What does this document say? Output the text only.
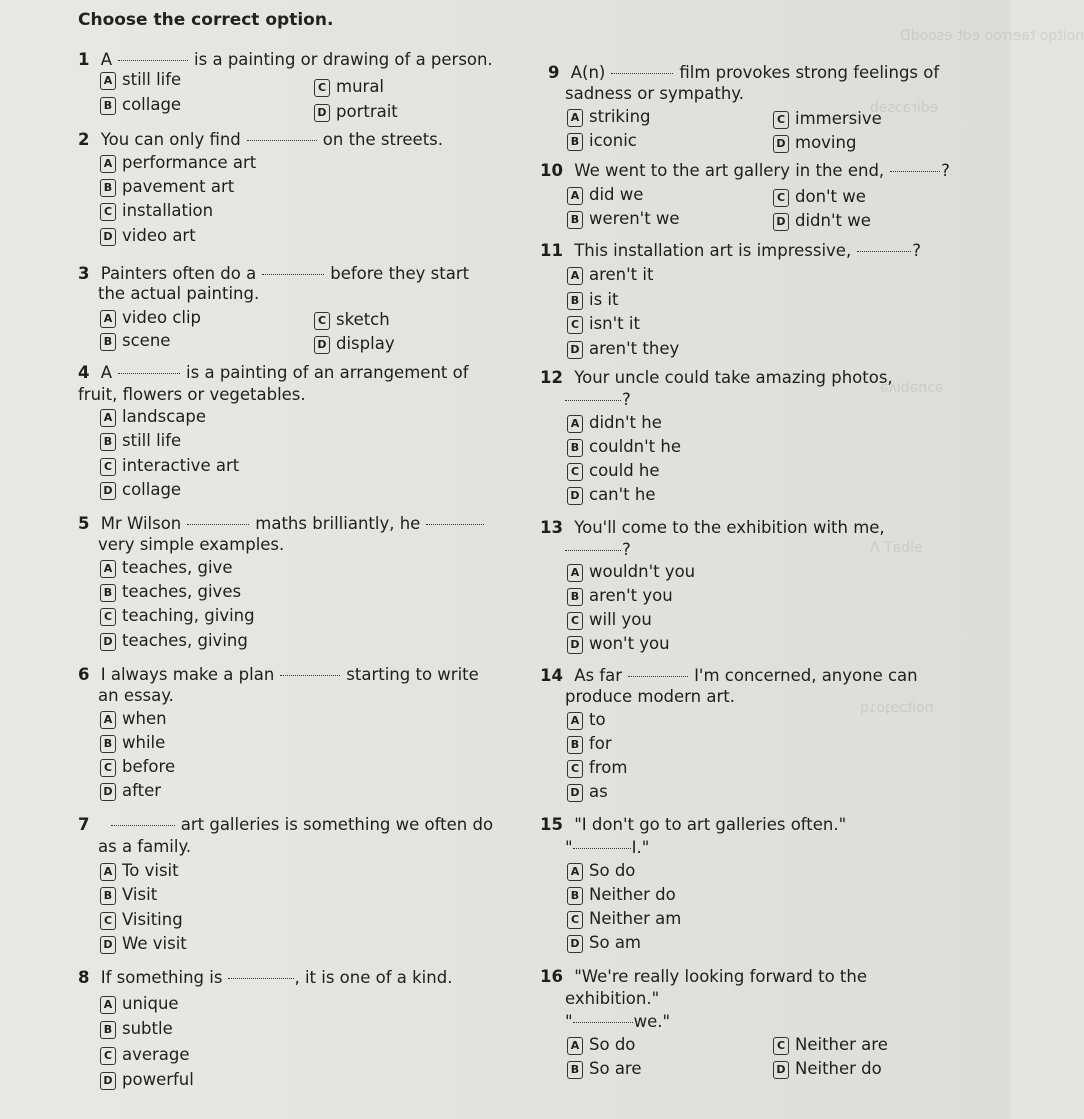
Choose the correct option.
noitqo taerroo edt esoodD
ediraɔsɘb
ǝɔnǝbiʌǝ
ɘlbaT Ʌ
noitɔɘʇoɿq
1 A	is a painting or drawing of a person.
A still life	C mural
B collage	D portrait
2 You can only find	on the streets.
A performance art
B pavement art
C installation
D video art
3 Painters often do a	before they start
the actual painting.
A video clip	C sketch
B scene	D display
4 A	is a painting of an arrangement of
fruit, flowers or vegetables.
A landscape
B still life
C interactive art
D collage
5 Mr Wilson	maths brilliantly, he
very simple examples.
A teaches, give
B teaches, gives
C teaching, giving
D teaches, giving
6 I always make a plan	starting to write
an essay.
A when
B while
C before
D after
7	art galleries is something we often do
as a family.
A To visit
B Visit
C Visiting
D We visit
8 If something is	, it is one of a kind.
A unique
B subtle
C average
D powerful
9 A(n)	film provokes strong feelings of
sadness or sympathy.
A striking	C immersive
B iconic	D moving
10 We went to the art gallery in the end,	?
A did we	C don't we
B weren't we	D didn't we
11 This installation art is impressive,	?
A aren't it
B is it
C isn't it
D aren't they
12 Your uncle could take amazing photos,
?
A didn't he
B couldn't he
C could he
D can't he
13 You'll come to the exhibition with me,
?
A wouldn't you
B aren't you
C will you
D won't you
14 As far	I'm concerned, anyone can
produce modern art.
A to
B for
C from
D as
15 "I don't go to art galleries often."
"	I."
A So do
B Neither do
C Neither am
D So am
16 "We're really looking forward to the
exhibition."
"	we."
A So do	C Neither are
B So are	D Neither do
